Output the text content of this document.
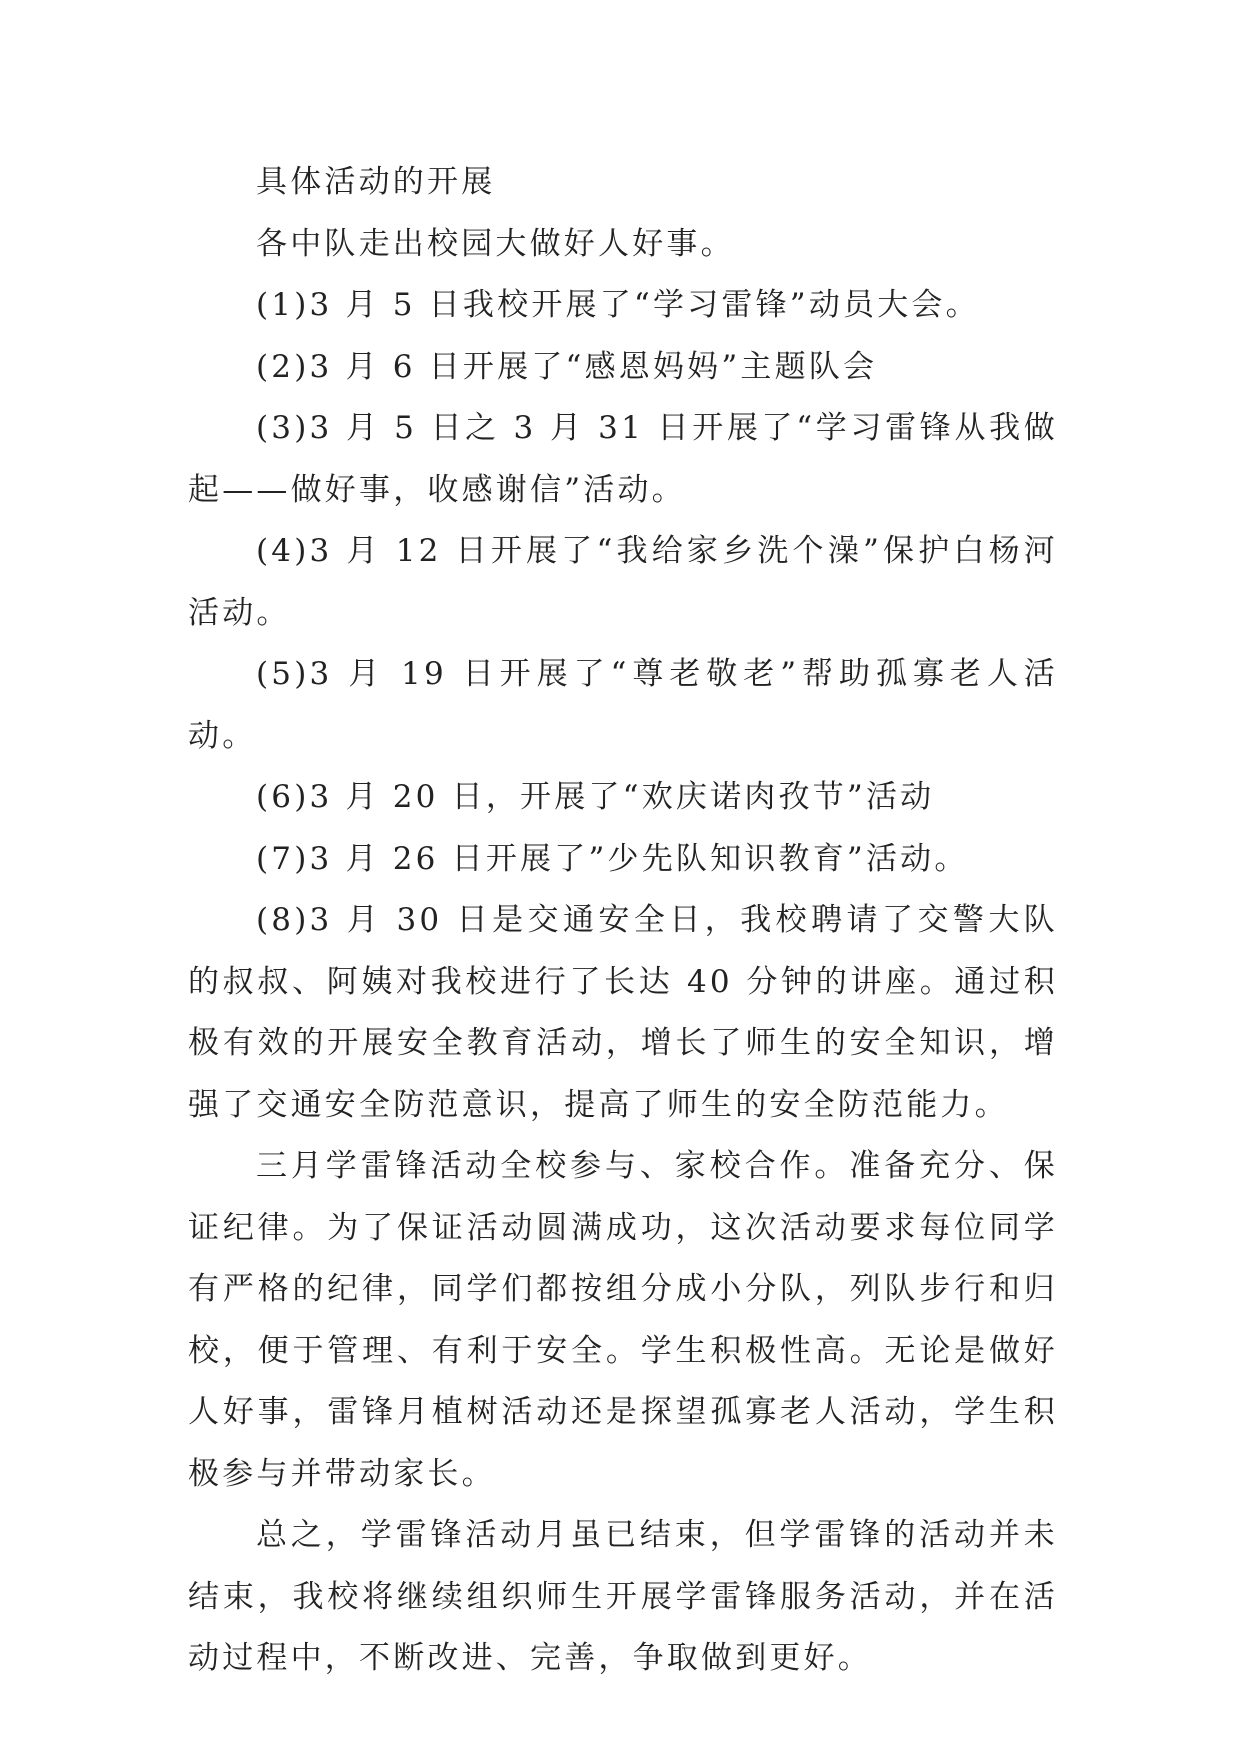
具体活动的开展

各中队走出校园大做好人好事。

(1)3 月 5 日我校开展了“学习雷锋”动员大会。

(2)3 月 6 日开展了“感恩妈妈”主题队会

(3)3 月 5 日之 3 月 31 日开展了“学习雷锋从我做起——做好事，收感谢信”活动。

(4)3 月 12 日开展了“我给家乡洗个澡”保护白杨河活动。

(5)3 月 19 日开展了“尊老敬老”帮助孤寡老人活动。

(6)3 月 20 日，开展了“欢庆诺肉孜节”活动

(7)3 月 26 日开展了”少先队知识教育”活动。

(8)3 月 30 日是交通安全日，我校聘请了交警大队的叔叔、阿姨对我校进行了长达 40 分钟的讲座。通过积极有效的开展安全教育活动，增长了师生的安全知识，增强了交通安全防范意识，提高了师生的安全防范能力。

三月学雷锋活动全校参与、家校合作。准备充分、保证纪律。为了保证活动圆满成功，这次活动要求每位同学有严格的纪律，同学们都按组分成小分队，列队步行和归校，便于管理、有利于安全。学生积极性高。无论是做好人好事，雷锋月植树活动还是探望孤寡老人活动，学生积极参与并带动家长。

总之，学雷锋活动月虽已结束，但学雷锋的活动并未结束，我校将继续组织师生开展学雷锋服务活动，并在活动过程中，不断改进、完善，争取做到更好。
